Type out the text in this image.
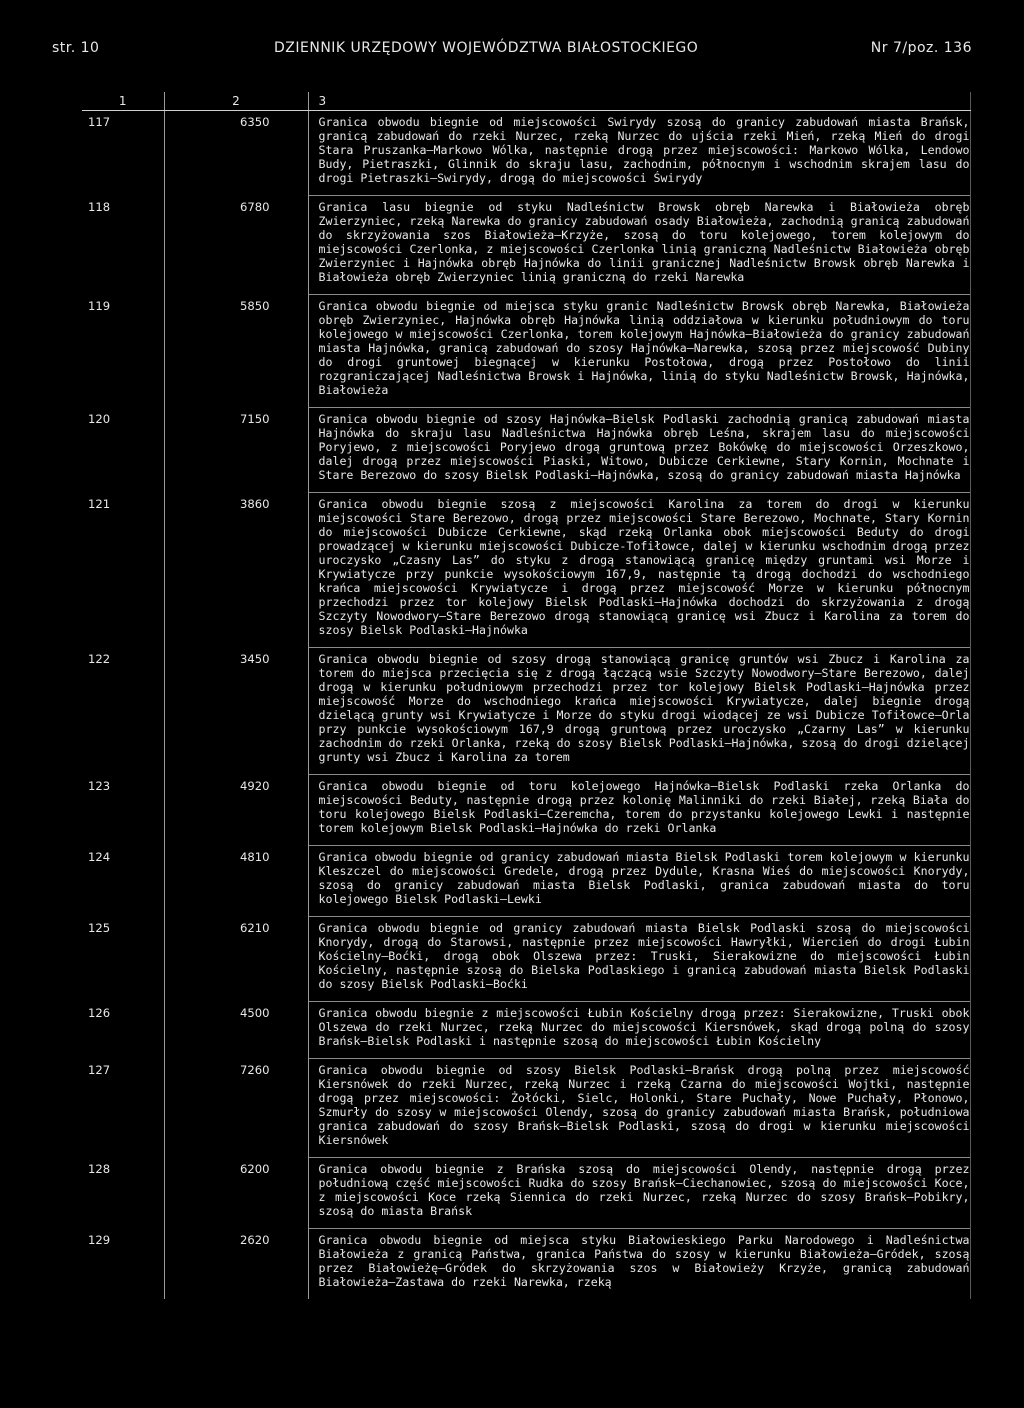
str. 10	DZIENNIK URZĘDOWY WOJEWÓDZTWA BIAŁOSTOCKIEGO	Nr 7/poz. 136
1	2	3
117	6350	Granica obwodu biegnie od miejscowości Swirydy szosą do granicy zabudowań miasta Brańsk, granicą zabudowań do rzeki Nurzec, rzeką Nurzec do ujścia rzeki Mień, rzeką Mień do drogi Stara Pruszanka—Markowo Wólka, następnie drogą przez miejscowości: Markowo Wólka, Lendowo Budy, Pietraszki, Glinnik do skraju lasu, zachodnim, północnym i wschodnim skrajem lasu do drogi Pietraszki—Swirydy, drogą do miejscowości Świrydy
118	6780	Granica lasu biegnie od styku Nadleśnictw Browsk obręb Narewka i Białowieża obręb Zwierzyniec, rzeką Narewka do granicy zabudowań osady Białowieża, zachodnią granicą zabudowań do skrzyżowania szos Białowieża—Krzyże, szosą do toru kolejowego, torem kolejowym do miejscowości Czerlonka, z miejscowości Czerlonka linią graniczną Nadleśnictw Białowieża obręb Zwierzyniec i Hajnówka obręb Hajnówka do linii granicznej Nadleśnictw Browsk obręb Narewka i Białowieża obręb Zwierzyniec linią graniczną do rzeki Narewka
119	5850	Granica obwodu biegnie od miejsca styku granic Nadleśnictw Browsk obręb Narewka, Białowieża obręb Zwierzyniec, Hajnówka obręb Hajnówka linią oddziałowa w kierunku południowym do toru kolejowego w miejscowości Czerlonka, torem kolejowym Hajnówka—Białowieża do granicy zabudowań miasta Hajnówka, granicą zabudowań do szosy Hajnówka—Narewka, szosą przez miejscowość Dubiny do drogi gruntowej biegnącej w kierunku Postołowa, drogą przez Postołowo do linii rozgraniczającej Nadleśnictwa Browsk i Hajnówka, linią do styku Nadleśnictw Browsk, Hajnówka, Białowieża
120	7150	Granica obwodu biegnie od szosy Hajnówka—Bielsk Podlaski zachodnią granicą zabudowań miasta Hajnówka do skraju lasu Nadleśnictwa Hajnówka obręb Leśna, skrajem lasu do miejscowości Poryjewo, z miejscowości Poryjewo drogą gruntową przez Bokówkę do miejscowości Orzeszkowo, dalej drogą przez miejscowości Piaski, Witowo, Dubicze Cerkiewne, Stary Kornin, Mochnate i Stare Berezowo do szosy Bielsk Podlaski—Hajnówka, szosą do granicy zabudowań miasta Hajnówka
121	3860	Granica obwodu biegnie szosą z miejscowości Karolina za torem do drogi w kierunku miejscowości Stare Berezowo, drogą przez miejscowości Stare Berezowo, Mochnate, Stary Kornin do miejscowości Dubicze Cerkiewne, skąd rzeką Orlanka obok miejscowości Beduty do drogi prowadzącej w kierunku miejscowości Dubicze-Tofiłowce, dalej w kierunku wschodnim drogą przez uroczysko „Czasny Las” do styku z drogą stanowiącą granicę między gruntami wsi Morze i Krywiatycze przy punkcie wysokościowym 167,9, następnie tą drogą dochodzi do wschodniego krańca miejscowości Krywiatycze i drogą przez miejscowość Morze w kierunku północnym przechodzi przez tor kolejowy Bielsk Podlaski—Hajnówka dochodzi do skrzyżowania z drogą Szczyty Nowodwory—Stare Berezowo drogą stanowiącą granicę wsi Zbucz i Karolina za torem do szosy Bielsk Podlaski—Hajnówka
122	3450	Granica obwodu biegnie od szosy drogą stanowiącą granicę gruntów wsi Zbucz i Karolina za torem do miejsca przecięcia się z drogą łączącą wsie Szczyty Nowodwory—Stare Berezowo, dalej drogą w kierunku południowym przechodzi przez tor kolejowy Bielsk Podlaski—Hajnówka przez miejscowość Morze do wschodniego krańca miejscowości Krywiatycze, dalej biegnie drogą dzielącą grunty wsi Krywiatycze i Morze do styku drogi wiodącej ze wsi Dubicze Tofiłowce—Orla przy punkcie wysokościowym 167,9 drogą gruntową przez uroczysko „Czarny Las” w kierunku zachodnim do rzeki Orlanka, rzeką do szosy Bielsk Podlaski—Hajnówka, szosą do drogi dzielącej grunty wsi Zbucz i Karolina za torem
123	4920	Granica obwodu biegnie od toru kolejowego Hajnówka—Bielsk Podlaski rzeka Orlanka do miejscowości Beduty, następnie drogą przez kolonię Malinniki do rzeki Białej, rzeką Biała do toru kolejowego Bielsk Podlaski—Czeremcha, torem do przystanku kolejowego Lewki i następnie torem kolejowym Bielsk Podlaski—Hajnówka do rzeki Orlanka
124	4810	Granica obwodu biegnie od granicy zabudowań miasta Bielsk Podlaski torem kolejowym w kierunku Kleszczel do miejscowości Gredele, drogą przez Dydule, Krasna Wieś do miejscowości Knorydy, szosą do granicy zabudowań miasta Bielsk Podlaski, granica zabudowań miasta do toru kolejowego Bielsk Podlaski—Lewki
125	6210	Granica obwodu biegnie od granicy zabudowań miasta Bielsk Podlaski szosą do miejscowości Knorydy, drogą do Starowsi, następnie przez miejscowości Hawryłki, Wiercień do drogi Łubin Kościelny—Boćki, drogą obok Olszewa przez: Truski, Sierakowizne do miejscowości Łubin Kościelny, następnie szosą do Bielska Podlaskiego i granicą zabudowań miasta Bielsk Podlaski do szosy Bielsk Podlaski—Boćki
126	4500	Granica obwodu biegnie z miejscowości Łubin Kościelny drogą przez: Sierakowizne, Truski obok Olszewa do rzeki Nurzec, rzeką Nurzec do miejscowości Kiersnówek, skąd drogą polną do szosy Brańsk—Bielsk Podlaski i następnie szosą do miejscowości Łubin Kościelny
127	7260	Granica obwodu biegnie od szosy Bielsk Podlaski—Brańsk drogą polną przez miejscowość Kiersnówek do rzeki Nurzec, rzeką Nurzec i rzeką Czarna do miejscowości Wojtki, następnie drogą przez miejscowości: Żołócki, Sielc, Holonki, Stare Puchały, Nowe Puchały, Płonowo, Szmurły do szosy w miejscowości Olendy, szosą do granicy zabudowań miasta Brańsk, południowa granica zabudowań do szosy Brańsk—Bielsk Podlaski, szosą do drogi w kierunku miejscowości Kiersnówek
128	6200	Granica obwodu biegnie z Brańska szosą do miejscowości Olendy, następnie drogą przez południową część miejscowości Rudka do szosy Brańsk—Ciechanowiec, szosą do miejscowości Koce, z miejscowości Koce rzeką Siennica do rzeki Nurzec, rzeką Nurzec do szosy Brańsk—Pobikry, szosą do miasta Brańsk
129	2620	Granica obwodu biegnie od miejsca styku Białowieskiego Parku Narodowego i Nadleśnictwa Białowieża z granicą Państwa, granica Państwa do szosy w kierunku Białowieża—Gródek, szosą przez Białowieżę—Gródek do skrzyżowania szos w Białowieży Krzyże, granicą zabudowań Białowieża—Zastawa do rzeki Narewka, rzeką
